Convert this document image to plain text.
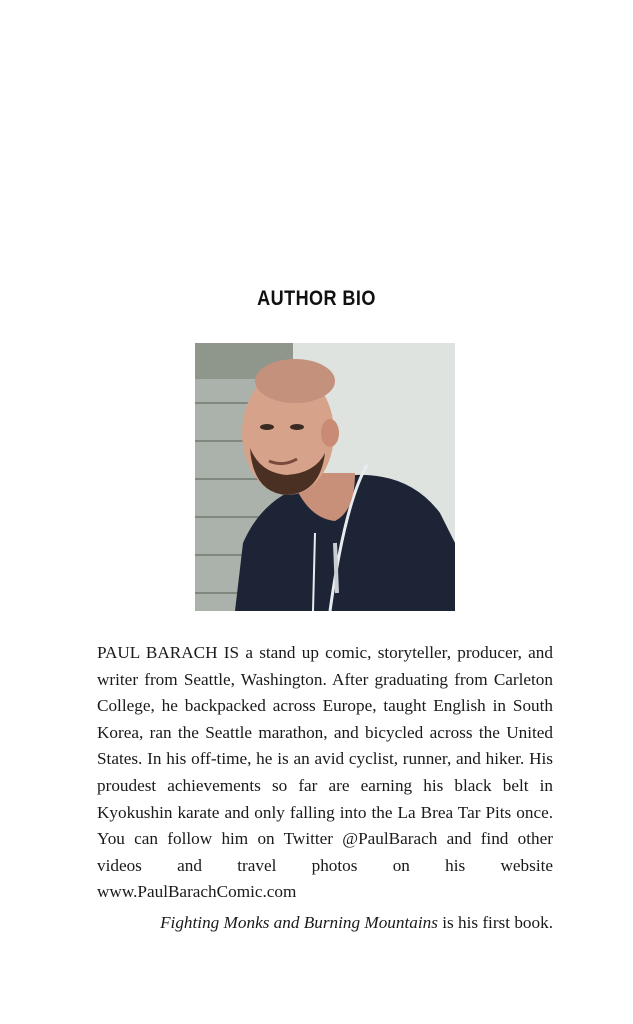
AUTHOR BIO

PAUL BARACH IS a stand up comic, storyteller, producer, and writer from Seattle, Washington. After graduating from Carleton College, he backpacked across Europe, taught English in South Korea, ran the Seattle marathon, and bicycled across the United States. In his off-time, he is an avid cyclist, runner, and hiker. His proudest achievements so far are earning his black belt in Kyokushin karate and only falling into the La Brea Tar Pits once. You can follow him on Twitter @PaulBarach and find other videos and travel photos on his website www.PaulBarachComic.com

Fighting Monks and Burning Mountains is his first book.
